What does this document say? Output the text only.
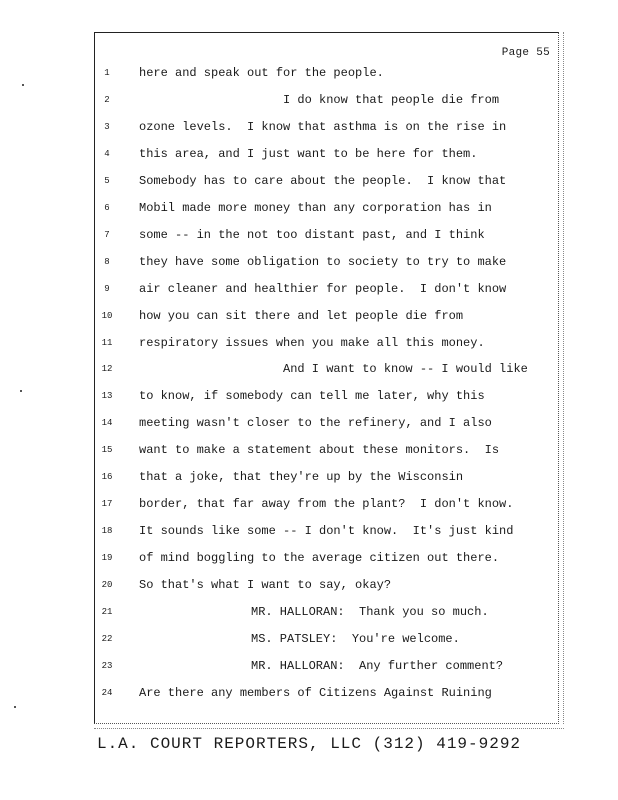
Page 55
1	here and speak out for the people.
2	I do know that people die from
3	ozone levels.  I know that asthma is on the rise in
4	this area, and I just want to be here for them.
5	Somebody has to care about the people.  I know that
6	Mobil made more money than any corporation has in
7	some -- in the not too distant past, and I think
8	they have some obligation to society to try to make
9	air cleaner and healthier for people.  I don't know
10 how you can sit there and let people die from
11 respiratory issues when you make all this money.
12	And I want to know -- I would like
13 to know, if somebody can tell me later, why this
14 meeting wasn't closer to the refinery, and I also
15 want to make a statement about these monitors.  Is
16 that a joke, that they're up by the Wisconsin
17 border, that far away from the plant?  I don't know.
18 It sounds like some -- I don't know.  It's just kind
19 of mind boggling to the average citizen out there.
20 So that's what I want to say, okay?
21	MR. HALLORAN:  Thank you so much.
22	MS. PATSLEY:  You're welcome.
23	MR. HALLORAN:  Any further comment?
24 Are there any members of Citizens Against Ruining
L.A. COURT REPORTERS, LLC (312) 419-9292
